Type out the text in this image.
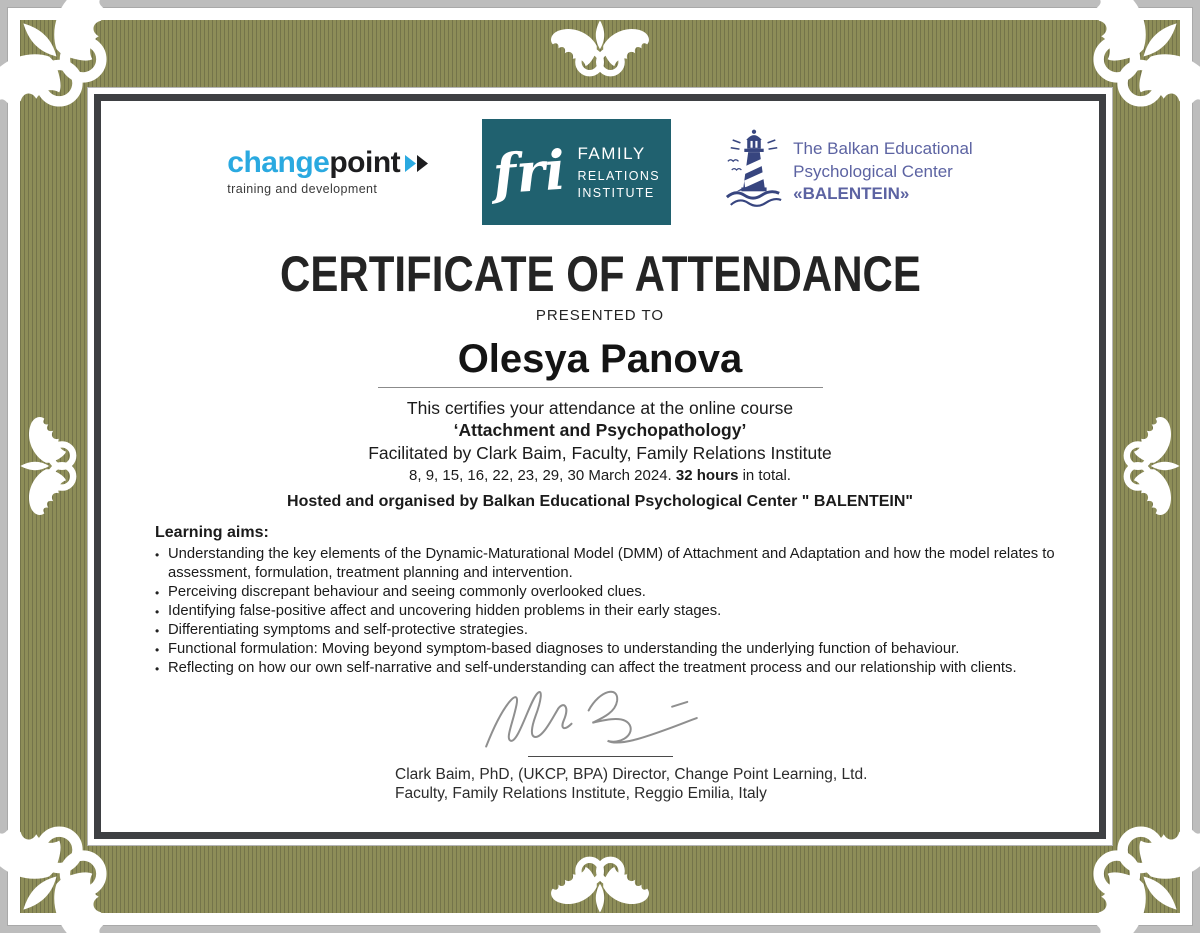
changepoint
training and development	fri FAMILY
RELATIONS
INSTITUTE
The Balkan Educational
Psychological Center
«BALENTEIN»
CERTIFICATE OF ATTENDANCE
PRESENTED TO
Olesya Panova
This certifies your attendance at the online course
‘Attachment and Psychopathology’
Facilitated by Clark Baim, Faculty, Family Relations Institute
8, 9, 15, 16, 22, 23, 29, 30 March 2024. 32 hours in total.
Hosted and organised by Balkan Educational Psychological Center " BALENTEIN"
Learning aims:
• Understanding the key elements of the Dynamic-Maturational Model (DMM) of Attachment and Adaptation and how the model relates to assessment, formulation, treatment planning and intervention.
• Perceiving discrepant behaviour and seeing commonly overlooked clues.
• Identifying false-positive affect and uncovering hidden problems in their early stages.
• Differentiating symptoms and self-protective strategies.
• Functional formulation: Moving beyond symptom-based diagnoses to understanding the underlying function of behaviour.
• Reflecting on how our own self-narrative and self-understanding can affect the treatment process and our relationship with clients.
Clark Baim, PhD, (UKCP, BPA) Director, Change Point Learning, Ltd.
Faculty, Family Relations Institute, Reggio Emilia, Italy
